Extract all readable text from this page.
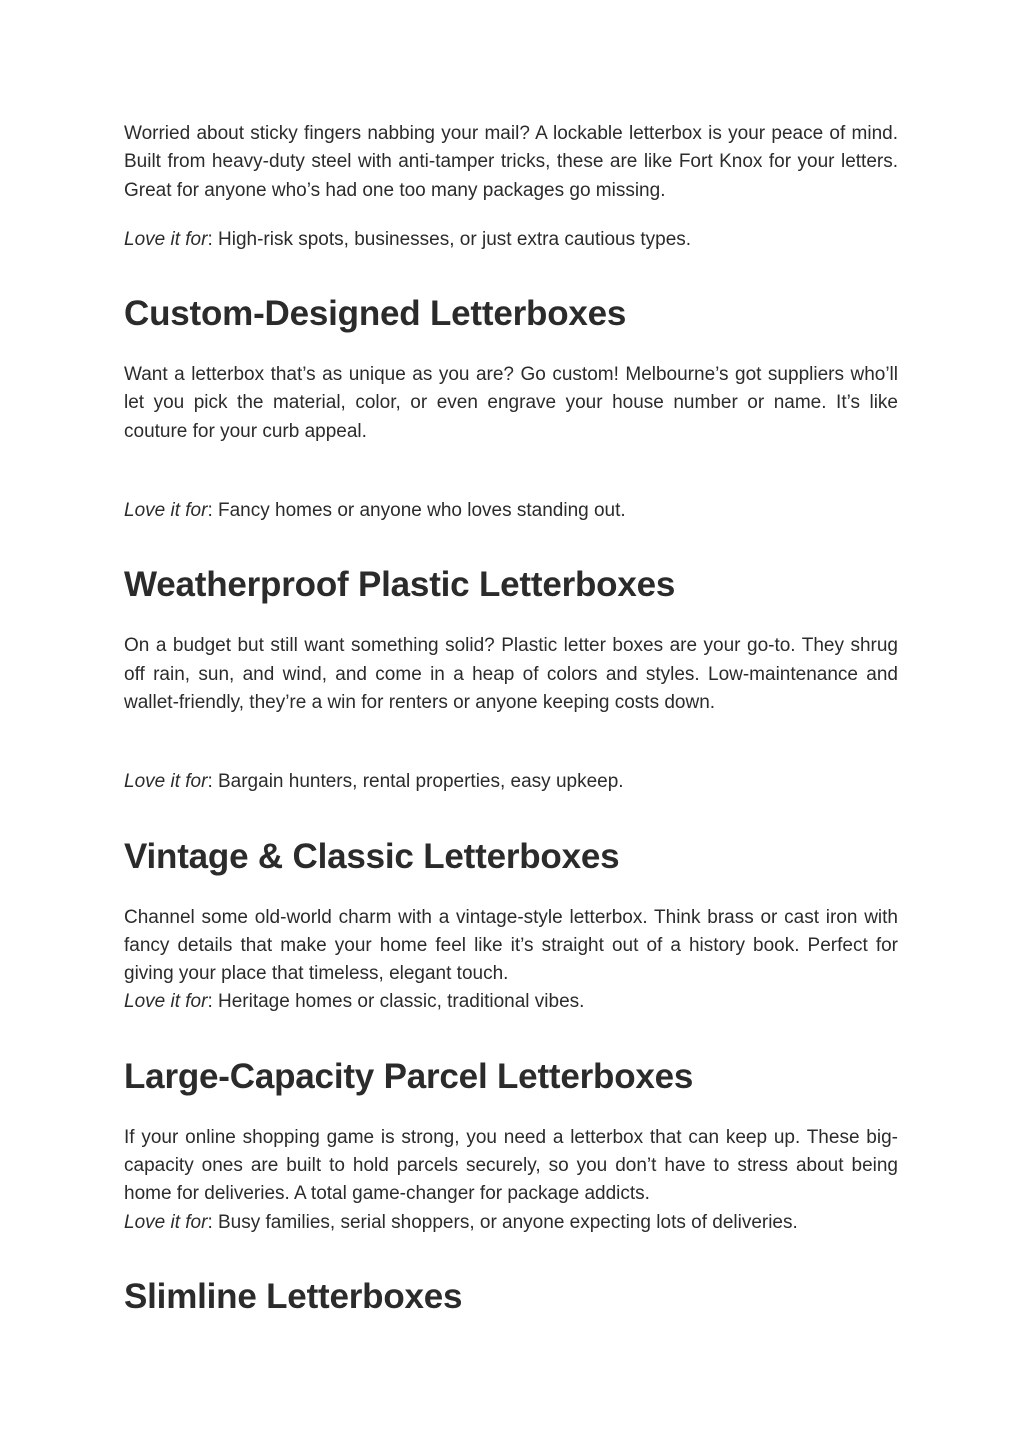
Worried about sticky fingers nabbing your mail? A lockable letterbox is your peace of mind. Built from heavy-duty steel with anti-tamper tricks, these are like Fort Knox for your letters. Great for anyone who’s had one too many packages go missing.

Love it for: High-risk spots, businesses, or just extra cautious types.

Custom-Designed Letterboxes

Want a letterbox that’s as unique as you are? Go custom! Melbourne’s got suppliers who’ll let you pick the material, color, or even engrave your house number or name. It’s like couture for your curb appeal.

Love it for: Fancy homes or anyone who loves standing out.

Weatherproof Plastic Letterboxes

On a budget but still want something solid? Plastic letter boxes are your go-to. They shrug off rain, sun, and wind, and come in a heap of colors and styles. Low-maintenance and wallet-friendly, they’re a win for renters or anyone keeping costs down.

Love it for: Bargain hunters, rental properties, easy upkeep.

Vintage & Classic Letterboxes

Channel some old-world charm with a vintage-style letterbox. Think brass or cast iron with fancy details that make your home feel like it’s straight out of a history book. Perfect for giving your place that timeless, elegant touch.

Love it for: Heritage homes or classic, traditional vibes.

Large-Capacity Parcel Letterboxes

If your online shopping game is strong, you need a letterbox that can keep up. These big-capacity ones are built to hold parcels securely, so you don’t have to stress about being home for deliveries. A total game-changer for package addicts.

Love it for: Busy families, serial shoppers, or anyone expecting lots of deliveries.

Slimline Letterboxes
